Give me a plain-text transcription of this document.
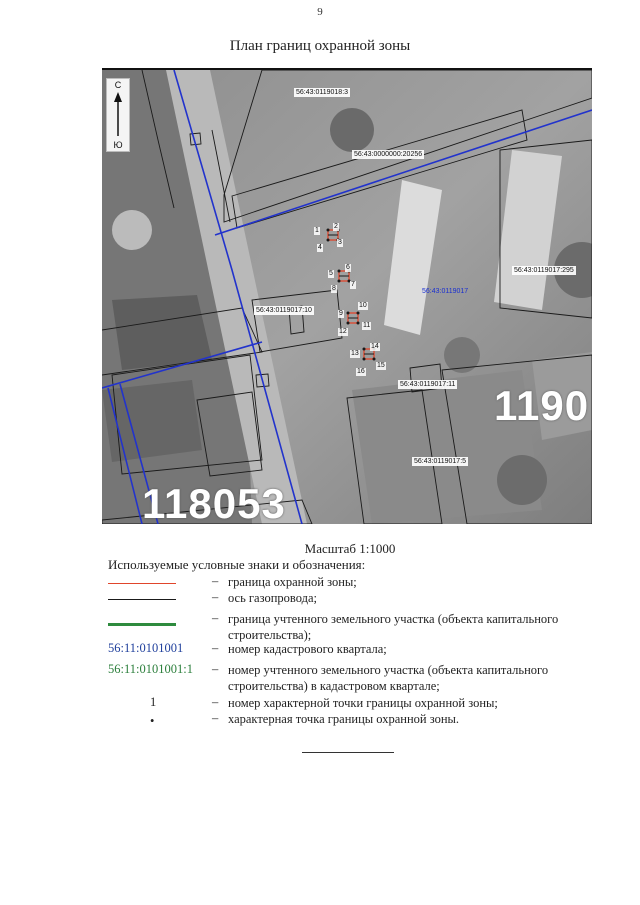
9
План границ охранной зоны
С
Ю
1190
118053
56:43:0119018:3
56:43:0000000:20256
56:43:0119017:10
56:43:0119017:295
56:43:0119017:11
56:43:0119017:5
56:43:0119017
1
2
3
4
5
6
7
8
9
10
11
12
13
14
15
16
Масштаб 1:1000
Используемые условные знаки и обозначения:
– граница охранной зоны;
– ось газопровода;
– граница учтенного земельного участка (объекта капитального строительства);
56:11:0101001	– номер кадастрового квартала;
56:11:0101001:1	– номер учтенного земельного участка (объекта капитального строительства) в кадастровом квартале;
1	– номер характерной точки границы охранной зоны;
•	– характерная точка границы охранной зоны.
